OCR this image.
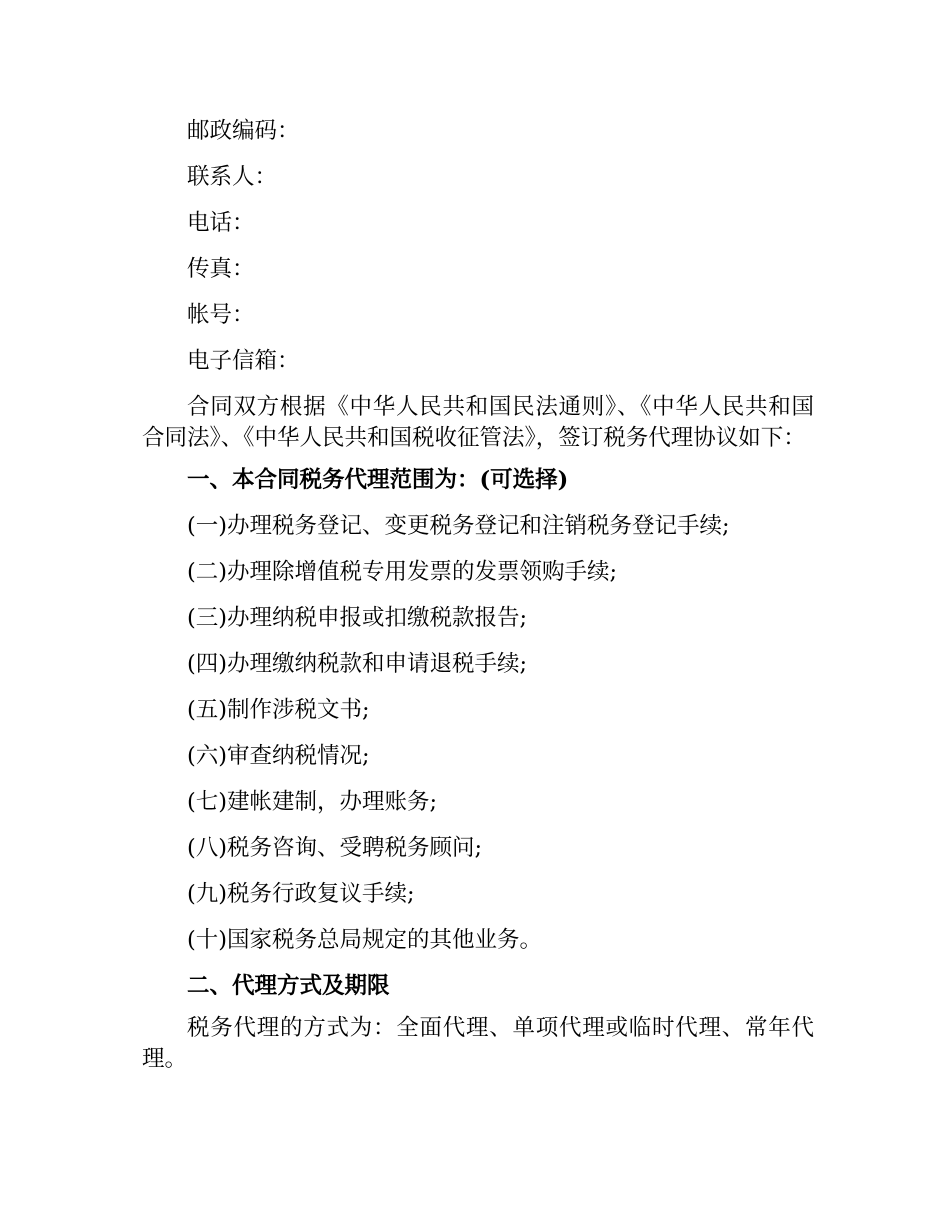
邮政编码：

联系人：

电话：

传真：

帐号：

电子信箱：

合同双方根据《中华人民共和国民法通则》、《中华人民共和国合同法》、《中华人民共和国税收征管法》，签订税务代理协议如下：

一、本合同税务代理范围为：(可选择)

(一)办理税务登记、变更税务登记和注销税务登记手续;

(二)办理除增值税专用发票的发票领购手续;

(三)办理纳税申报或扣缴税款报告;

(四)办理缴纳税款和申请退税手续;

(五)制作涉税文书;

(六)审查纳税情况;

(七)建帐建制，办理账务;

(八)税务咨询、受聘税务顾问;

(九)税务行政复议手续;

(十)国家税务总局规定的其他业务。

二、代理方式及期限

税务代理的方式为：全面代理、单项代理或临时代理、常年代理。
